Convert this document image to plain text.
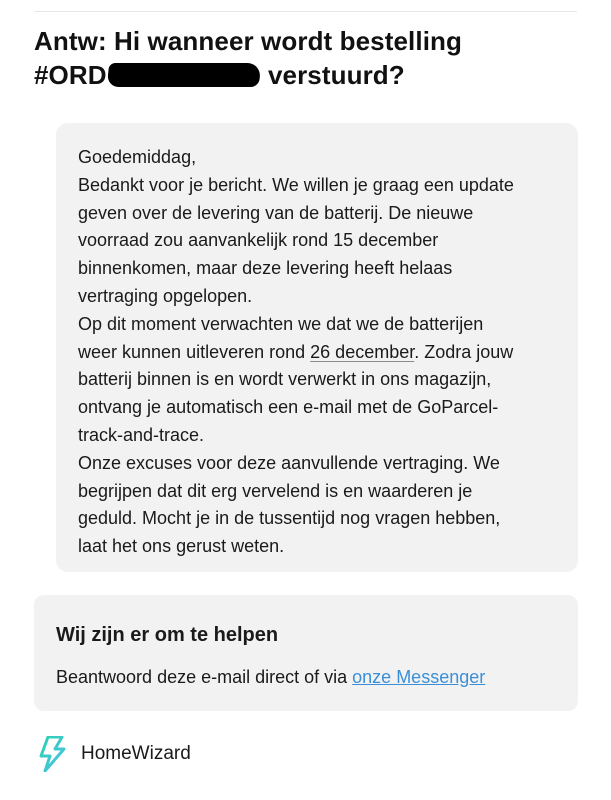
Antw: Hi wanneer wordt bestelling
#ORD	verstuurd?

Goedemiddag,

Bedankt voor je bericht. We willen je graag een update

geven over de levering van de batterij. De nieuwe

voorraad zou aanvankelijk rond 15 december

binnenkomen, maar deze levering heeft helaas

vertraging opgelopen.

Op dit moment verwachten we dat we de batterijen

weer kunnen uitleveren rond 26 december. Zodra jouw

batterij binnen is en wordt verwerkt in ons magazijn,

ontvang je automatisch een e-mail met de GoParcel-

track-and-trace.

Onze excuses voor deze aanvullende vertraging. We

begrijpen dat dit erg vervelend is en waarderen je

geduld. Mocht je in de tussentijd nog vragen hebben,

laat het ons gerust weten.

Wij zijn er om te helpen

Beantwoord deze e-mail direct of via onze Messenger

HomeWizard
